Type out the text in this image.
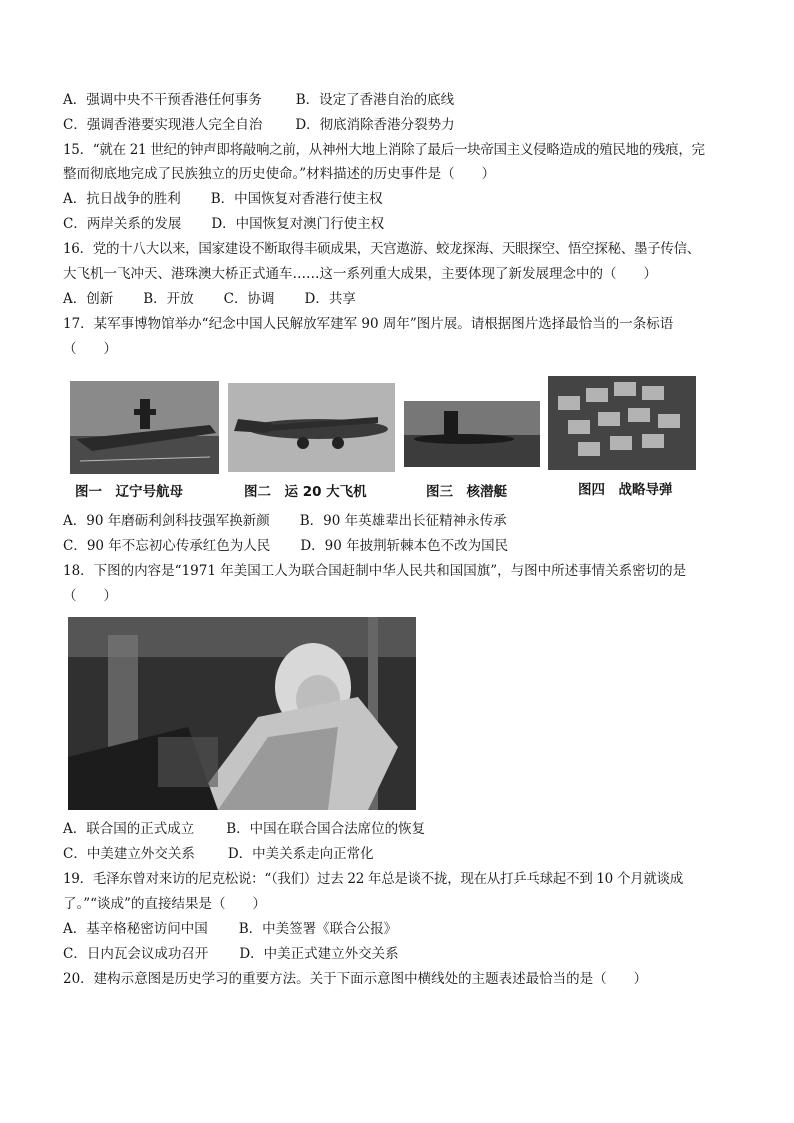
A．强调中央不干预香港任何事务	B．设定了香港自治的底线
C．强调香港要实现港人完全自治 D．彻底消除香港分裂势力
15．“就在 21 世纪的钟声即将敲响之前，从神州大地上消除了最后一块帝国主义侵略造成的殖民地的残痕，完
整而彻底地完成了民族独立的历史使命。”材料描述的历史事件是（　　）
A．抗日战争的胜利 B．中国恢复对香港行使主权
C．两岸关系的发展 D．中国恢复对澳门行使主权
16．党的十八大以来，国家建设不断取得丰硕成果，天宫遨游、蛟龙探海、天眼探空、悟空探秘、墨子传信、
大飞机一飞冲天、港珠澳大桥正式通车……这一系列重大成果，主要体现了新发展理念中的（　　）
A．创新 B．开放 C．协调 D．共享
17．某军事博物馆举办“纪念中国人民解放军建军 90 周年”图片展。请根据图片选择最恰当的一条标语
（　　）
图一　辽宁号航母	图二　运 20 大飞机	图三　核潜艇	图四　战略导弹
A．90 年磨砺利剑科技强军换新颜 B．90 年英雄辈出长征精神永传承
C．90 年不忘初心传承红色为人民 D．90 年披荆斩棘本色不改为国民
18．下图的内容是“1971 年美国工人为联合国赶制中华人民共和国国旗”，与图中所述事情关系密切的是
（　　）
A．联合国的正式成立 B．中国在联合国合法席位的恢复
C．中美建立外交关系 D．中美关系走向正常化
19．毛泽东曾对来访的尼克松说：“（我们）过去 22 年总是谈不拢，现在从打乒乓球起不到 10 个月就谈成
了。”“谈成”的直接结果是（　　）
A．基辛格秘密访问中国 B．中美签署《联合公报》
C．日内瓦会议成功召开 D．中美正式建立外交关系
20．建构示意图是历史学习的重要方法。关于下面示意图中横线处的主题表述最恰当的是（　　）
